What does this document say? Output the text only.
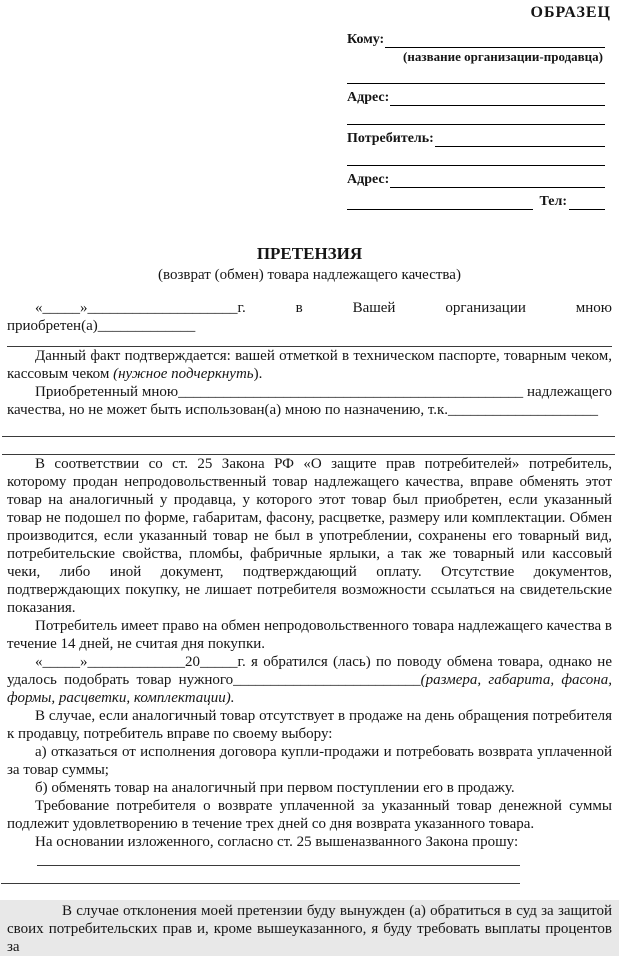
ОБРАЗЕЦ
Кому:
(название организации-продавца)
Адрес:
Потребитель:
Адрес:
Тел:
ПРЕТЕНЗИЯ
(возврат (обмен) товара надлежащего качества)

«_____»____________________г. в Вашей организации мною приобретен(а)_____________

Данный факт подтверждается: вашей отметкой в техническом паспорте, товарным чеком, кассовым чеком (нужное подчеркнуть).

Приобретенный мною______________________________________________ надлежащего качества, но не может быть использован(а) мною по назначению, т.к.____________________

В соответствии со ст. 25 Закона РФ «О защите прав потребителей» потребитель, которому продан непродовольственный товар надлежащего качества, вправе обменять этот товар на аналогичный у продавца, у которого этот товар был приобретен, если указанный товар не подошел по форме, габаритам, фасону, расцветке, размеру или комплектации. Обмен производится, если указанный товар не был в употреблении, сохранены его товарный вид, потребительские свойства, пломбы, фабричные ярлыки, а так же товарный или кассовый чеки, либо иной документ, подтверждающий оплату. Отсутствие документов, подтверждающих покупку, не лишает потребителя возможности ссылаться на свидетельские показания.

Потребитель имеет право на обмен непродовольственного товара надлежащего качества в течение 14 дней, не считая дня покупки.

«_____»_____________20_____г. я обратился (лась) по поводу обмена товара, однако не удалось подобрать товар нужного_________________________(размера, габарита, фасона, формы, расцветки, комплектации).

В случае, если аналогичный товар отсутствует в продаже на день обращения потребителя к продавцу, потребитель вправе по своему выбору:

а) отказаться от исполнения договора купли-продажи и потребовать возврата уплаченной за товар суммы;

б) обменять товар на аналогичный при первом поступлении его в продажу.

Требование потребителя о возврате уплаченной за указанный товар денежной суммы подлежит удовлетворению в течение трех дней со дня возврата указанного товара.

На основании изложенного, согласно ст. 25 вышеназванного Закона прошу:

В случае отклонения моей претензии буду вынужден (а) обратиться в суд за защитой своих потребительских прав и, кроме вышеуказанного, я буду требовать выплаты процентов за
